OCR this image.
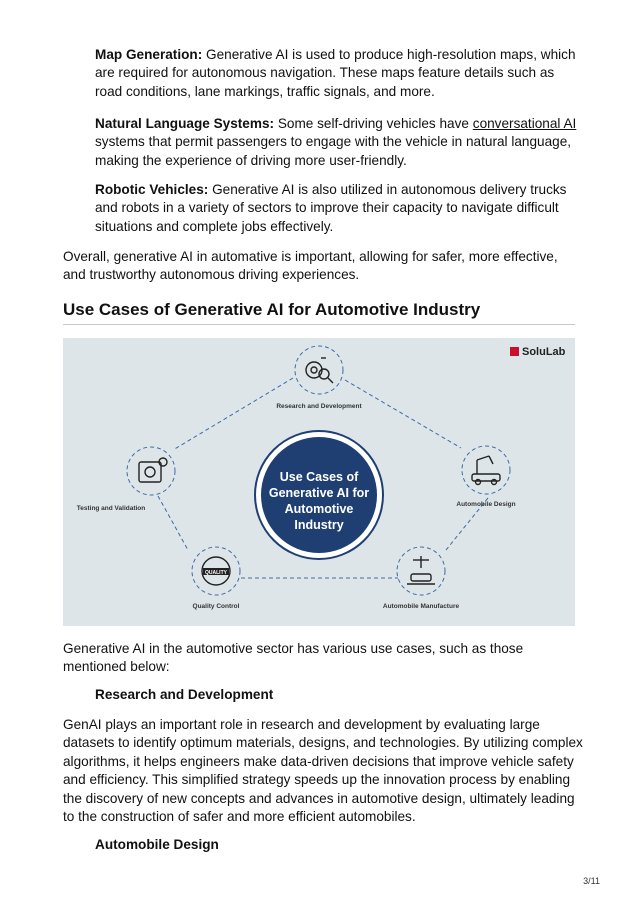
Map Generation: Generative AI is used to produce high-resolution maps, which are required for autonomous navigation. These maps feature details such as road conditions, lane markings, traffic signals, and more.

Natural Language Systems: Some self-driving vehicles have conversational AI systems that permit passengers to engage with the vehicle in natural language, making the experience of driving more user-friendly.

Robotic Vehicles: Generative AI is also utilized in autonomous delivery trucks and robots in a variety of sectors to improve their capacity to navigate difficult situations and complete jobs effectively.

Overall, generative AI in automative is important, allowing for safer, more effective, and trustworthy autonomous driving experiences.

Use Cases of Generative AI for Automotive Industry
SoluLab
Use Cases of
Generative AI for
Automotive
Industry
Research and Development
Automobile Design
Automobile Manufacture
QUALITY
Quality Control
Testing and Validation

Generative AI in the automotive sector has various use cases, such as those mentioned below:

Research and Development

GenAI plays an important role in research and development by evaluating large datasets to identify optimum materials, designs, and technologies. By utilizing complex algorithms, it helps engineers make data-driven decisions that improve vehicle safety and efficiency. This simplified strategy speeds up the innovation process by enabling the discovery of new concepts and advances in automotive design, ultimately leading to the construction of safer and more efficient automobiles.

Automobile Design

3/11
